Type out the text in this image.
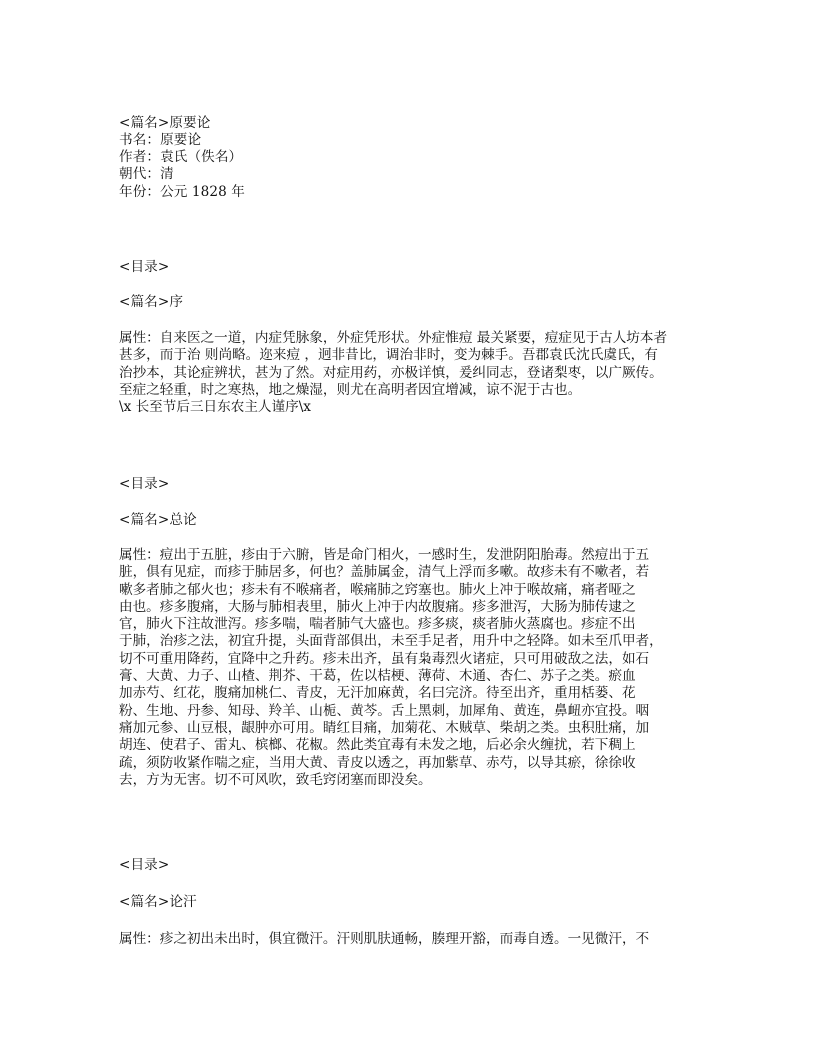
<篇名>原要论
书名：原要论
作者：袁氏（佚名）
朝代：清
年份：公元 1828 年
<目录>
<篇名>序
属性：自来医之一道，内症凭脉象，外症凭形状。外症惟痘 最关紧要，痘症见于古人坊本者
甚多，而于治 则尚略。迩来痘 ，迥非昔比，调治非时，变为棘手。吾郡袁氏沈氏虞氏，有
治抄本，其论症辨状，甚为了然。对症用药，亦极详慎，爰纠同志，登诸梨枣，以广厥传。
至症之轻重，时之寒热，地之燥湿，则尤在高明者因宜增减，谅不泥于古也。
\x 长至节后三日东农主人谨序\x
<目录>
<篇名>总论
属性：痘出于五脏，疹由于六腑，皆是命门相火，一感时生，发泄阴阳胎毒。然痘出于五
脏，俱有见症，而疹于肺居多，何也？盖肺属金，清气上浮而多嗽。故疹未有不嗽者，若
嗽多者肺之郁火也；疹未有不喉痛者，喉痛肺之窍塞也。肺火上冲于喉故痛，痛者哑之
由也。疹多腹痛，大肠与肺相表里，肺火上冲于内故腹痛。疹多泄泻，大肠为肺传逮之
官，肺火下注故泄泻。疹多喘，喘者肺气大盛也。疹多痰，痰者肺火蒸腐也。疹症不出
于肺，治疹之法，初宜升提，头面背部俱出，未至手足者，用升中之轻降。如未至爪甲者，
切不可重用降药，宜降中之升药。疹未出齐，虽有枭毒烈火诸症，只可用破敌之法，如石
膏、大黄、力子、山楂、荆芥、干葛，佐以桔梗、薄荷、木通、杏仁、苏子之类。瘀血
加赤芍、红花，腹痛加桃仁、青皮，无汗加麻黄，名曰完济。待至出齐，重用栝蒌、花
粉、生地、丹参、知母、羚羊、山栀、黄芩。舌上黑刺，加犀角、黄连，鼻衄亦宜投。咽
痛加元参、山豆根，龈肿亦可用。睛红目痛，加菊花、木贼草、柴胡之类。虫积肚痛，加
胡连、使君子、雷丸、槟榔、花椒。然此类宜毒有未发之地，后必余火缠扰，若下稠上
疏，须防收紧作喘之症，当用大黄、青皮以透之，再加紫草、赤芍，以导其瘀，徐徐收
去，方为无害。切不可风吹，致毛窍闭塞而即没矣。
<目录>
<篇名>论汗
属性：疹之初出未出时，俱宜微汗。汗则肌肤通畅，腠理开豁，而毒自透。一见微汗，不
